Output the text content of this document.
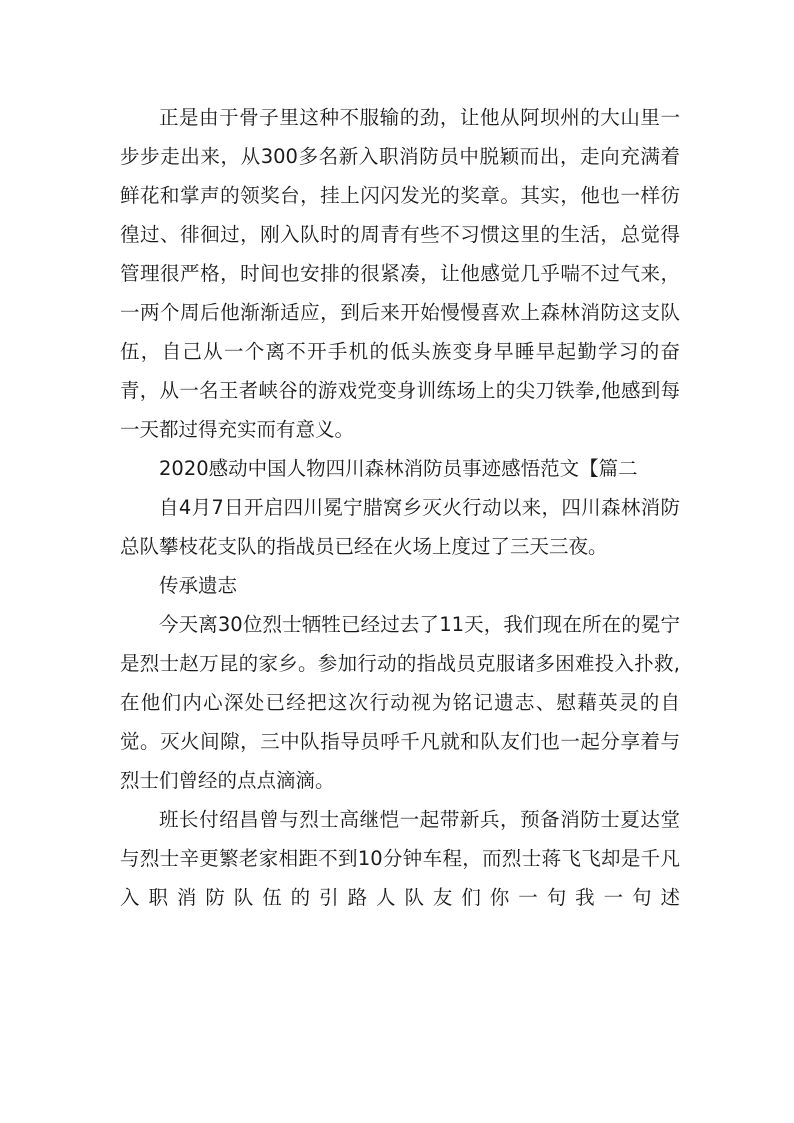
正是由于骨子里这种不服输的劲，让他从阿坝州的大山里一步步走出来，从300多名新入职消防员中脱颖而出，走向充满着鲜花和掌声的领奖台，挂上闪闪发光的奖章。其实，他也一样彷徨过、徘徊过，刚入队时的周青有些不习惯这里的生活，总觉得管理很严格，时间也安排的很紧凑，让他感觉几乎喘不过气来，一两个周后他渐渐适应，到后来开始慢慢喜欢上森林消防这支队伍，自己从一个离不开手机的低头族变身早睡早起勤学习的奋青，从一名王者峡谷的游戏党变身训练场上的尖刀铁拳,他感到每一天都过得充实而有意义。

2020感动中国人物四川森林消防员事迹感悟范文【篇二

自4月7日开启四川冕宁腊窝乡灭火行动以来，四川森林消防总队攀枝花支队的指战员已经在火场上度过了三天三夜。

传承遗志

今天离30位烈士牺牲已经过去了11天，我们现在所在的冕宁是烈士赵万昆的家乡。参加行动的指战员克服诸多困难投入扑救,在他们内心深处已经把这次行动视为铭记遗志、慰藉英灵的自觉。灭火间隙，三中队指导员呼千凡就和队友们也一起分享着与烈士们曾经的点点滴滴。

班长付绍昌曾与烈士高继恺一起带新兵，预备消防士夏达堂与烈士辛更繁老家相距不到10分钟车程，而烈士蒋飞飞却是千凡入职消防队伍的引路人队友们你一句我一句述
